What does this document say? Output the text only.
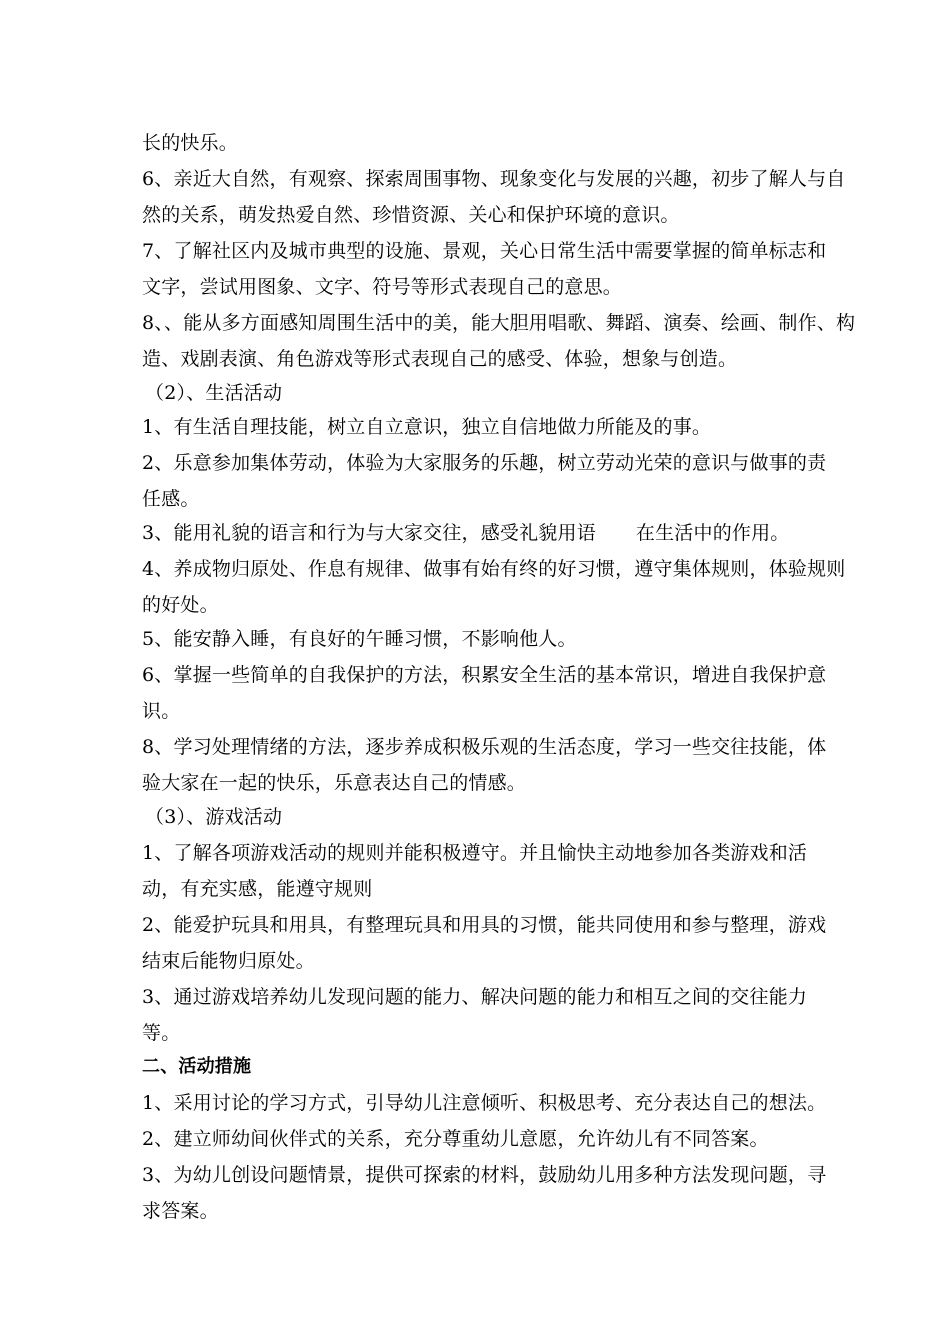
长的快乐。
6、亲近大自然，有观察、探索周围事物、现象变化与发展的兴趣，初步了解人与自
然的关系，萌发热爱自然、珍惜资源、关心和保护环境的意识。
7、了解社区内及城市典型的设施、景观，关心日常生活中需要掌握的简单标志和
文字，尝试用图象、文字、符号等形式表现自己的意思。
8、、能从多方面感知周围生活中的美，能大胆用唱歌、舞蹈、演奏、绘画、制作、构
造、戏剧表演、角色游戏等形式表现自己的感受、体验，想象与创造。
（2）、生活活动
1、有生活自理技能，树立自立意识，独立自信地做力所能及的事。
2、乐意参加集体劳动，体验为大家服务的乐趣，树立劳动光荣的意识与做事的责
任感。
3、能用礼貌的语言和行为与大家交往，感受礼貌用语 在生活中的作用。
4、养成物归原处、作息有规律、做事有始有终的好习惯，遵守集体规则，体验规则
的好处。
5、能安静入睡，有良好的午睡习惯，不影响他人。
6、掌握一些简单的自我保护的方法，积累安全生活的基本常识，增进自我保护意
识。
8、学习处理情绪的方法，逐步养成积极乐观的生活态度，学习一些交往技能，体
验大家在一起的快乐，乐意表达自己的情感。
（3）、游戏活动
1、了解各项游戏活动的规则并能积极遵守。并且愉快主动地参加各类游戏和活
动，有充实感，能遵守规则
2、能爱护玩具和用具，有整理玩具和用具的习惯，能共同使用和参与整理，游戏
结束后能物归原处。
3、通过游戏培养幼儿发现问题的能力、解决问题的能力和相互之间的交往能力
等。
二、活动措施
1、采用讨论的学习方式，引导幼儿注意倾听、积极思考、充分表达自己的想法。
2、建立师幼间伙伴式的关系，充分尊重幼儿意愿，允许幼儿有不同答案。
3、为幼儿创设问题情景，提供可探索的材料，鼓励幼儿用多种方法发现问题，寻
求答案。
